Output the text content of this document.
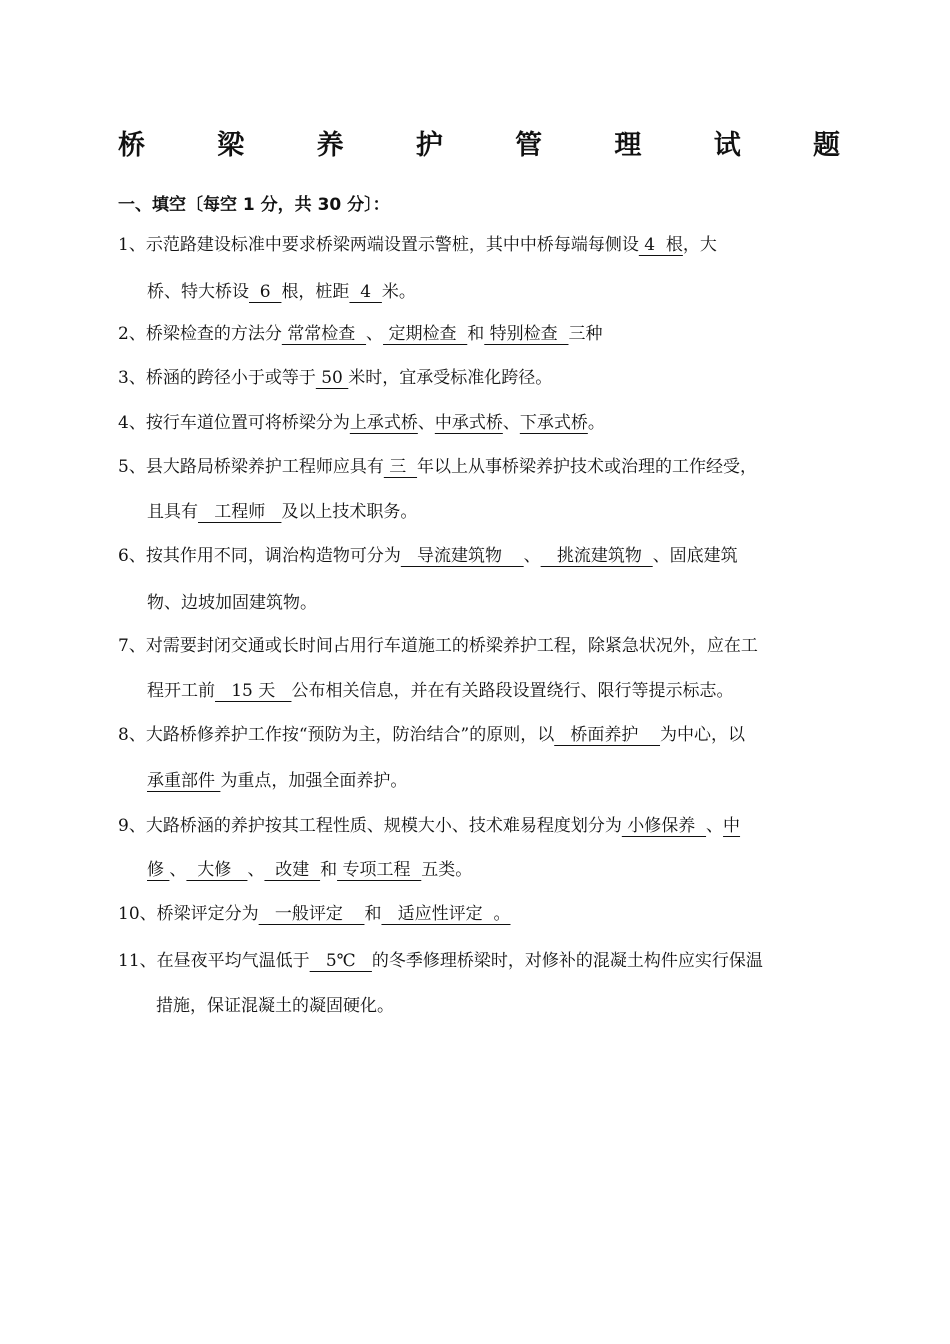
桥	梁	养	护	管	理	试	题
一、填空〔每空 1 分，共 30 分〕：
1、示范路建设标准中要求桥梁两端设置示警桩，其中中桥每端每侧设 4  根，大
桥、特大桥设  6  根，桩距  4  米。
2、桥梁检查的方法分 常常检查  、 定期检查  和 特别检查  三种
3、桥涵的跨径小于或等于 50 米时，宜承受标准化跨径。
4、按行车道位置可将桥梁分为上承式桥、中承式桥、下承式桥。
5、县大路局桥梁养护工程师应具有 三  年以上从事桥梁养护技术或治理的工作经受，
且具有   工程师   及以上技术职务。
6、按其作用不同，调治构造物可分为   导流建筑物    、   挑流建筑物  、固底建筑
物、边坡加固建筑物。
7、对需要封闭交通或长时间占用行车道施工的桥梁养护工程，除紧急状况外，应在工
程开工前   15 天   公布相关信息，并在有关路段设置绕行、限行等提示标志。
8、大路桥修养护工作按“预防为主，防治结合”的原则，以   桥面养护    为中心，以
承重部件 为重点，加强全面养护。
9、大路桥涵的养护按其工程性质、规模大小、技术难易程度划分为 小修保养  、中
修 、  大修   、  改建  和 专项工程  五类。
10、桥梁评定分为   一般评定    和   适应性评定  。
11、在昼夜平均气温低于   5℃   的冬季修理桥梁时，对修补的混凝土构件应实行保温
措施，保证混凝土的凝固硬化。
